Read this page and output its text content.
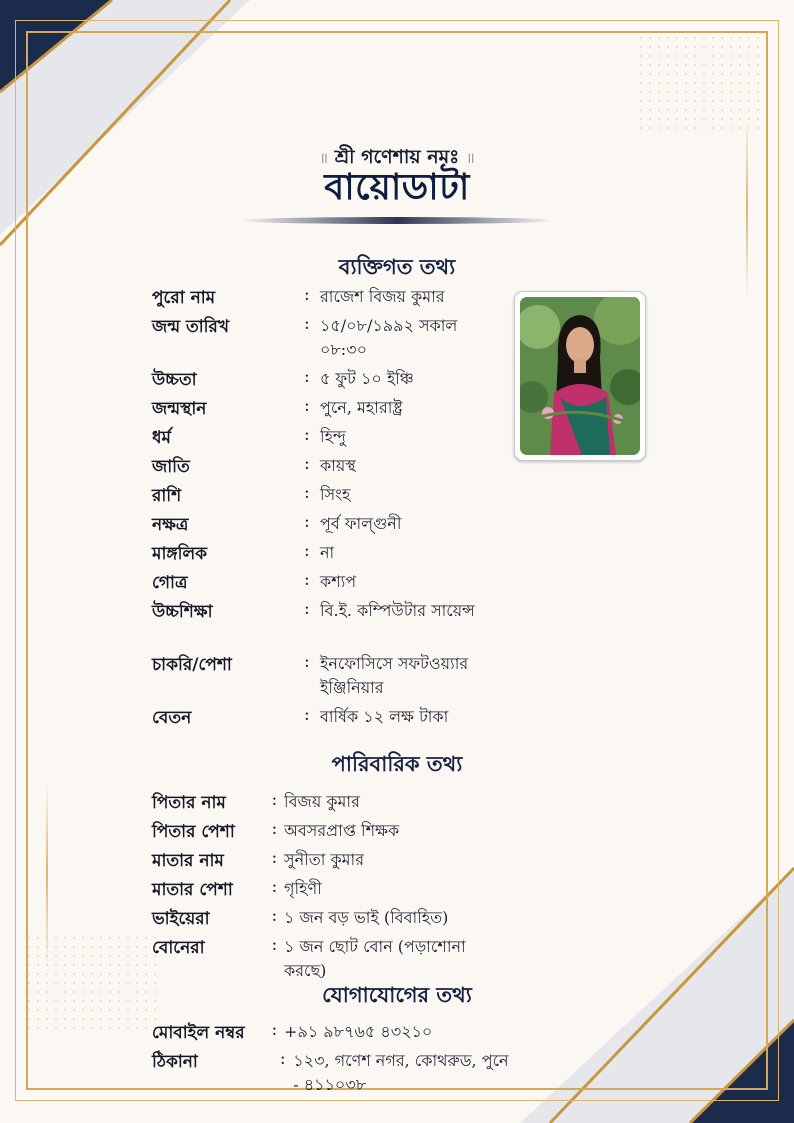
॥ শ্রী গণেশায় নমঃ ॥
বায়োডাটা
ব্যক্তিগত তথ্য
পুরো নাম	: রাজেশ বিজয় কুমার
জন্ম তারিখ	: ১৫/০৮/১৯৯২ সকাল ০৮:৩০
উচ্চতা	: ৫ ফুট ১০ ইঞ্চি
জন্মস্থান	: পুনে, মহারাষ্ট্র
ধর্ম	: হিন্দু
জাতি	: কায়স্থ
রাশি	: সিংহ
নক্ষত্র	: পূর্ব ফাল্গুনী
মাঙ্গলিক	: না
গোত্র	: কশ্যপ
উচ্চশিক্ষা	: বি.ই. কম্পিউটার সায়েন্স
চাকরি/পেশা	: ইনফোসিসে সফটওয়্যার ইঞ্জিনিয়ার
বেতন	: বার্ষিক ১২ লক্ষ টাকা
পারিবারিক তথ্য
পিতার নাম	: বিজয় কুমার
পিতার পেশা	: অবসরপ্রাপ্ত শিক্ষক
মাতার নাম	: সুনীতা কুমার
মাতার পেশা	: গৃহিণী
ভাইয়েরা	: ১ জন বড় ভাই (বিবাহিত)
বোনেরা	: ১ জন ছোট বোন (পড়াশোনা করছে)
যোগাযোগের তথ্য
মোবাইল নম্বর	: +৯১ ৯৮৭৬৫ ৪৩২১০
ঠিকানা	: ১২৩, গণেশ নগর, কোথরুড, পুনে - ৪১১০৩৮
